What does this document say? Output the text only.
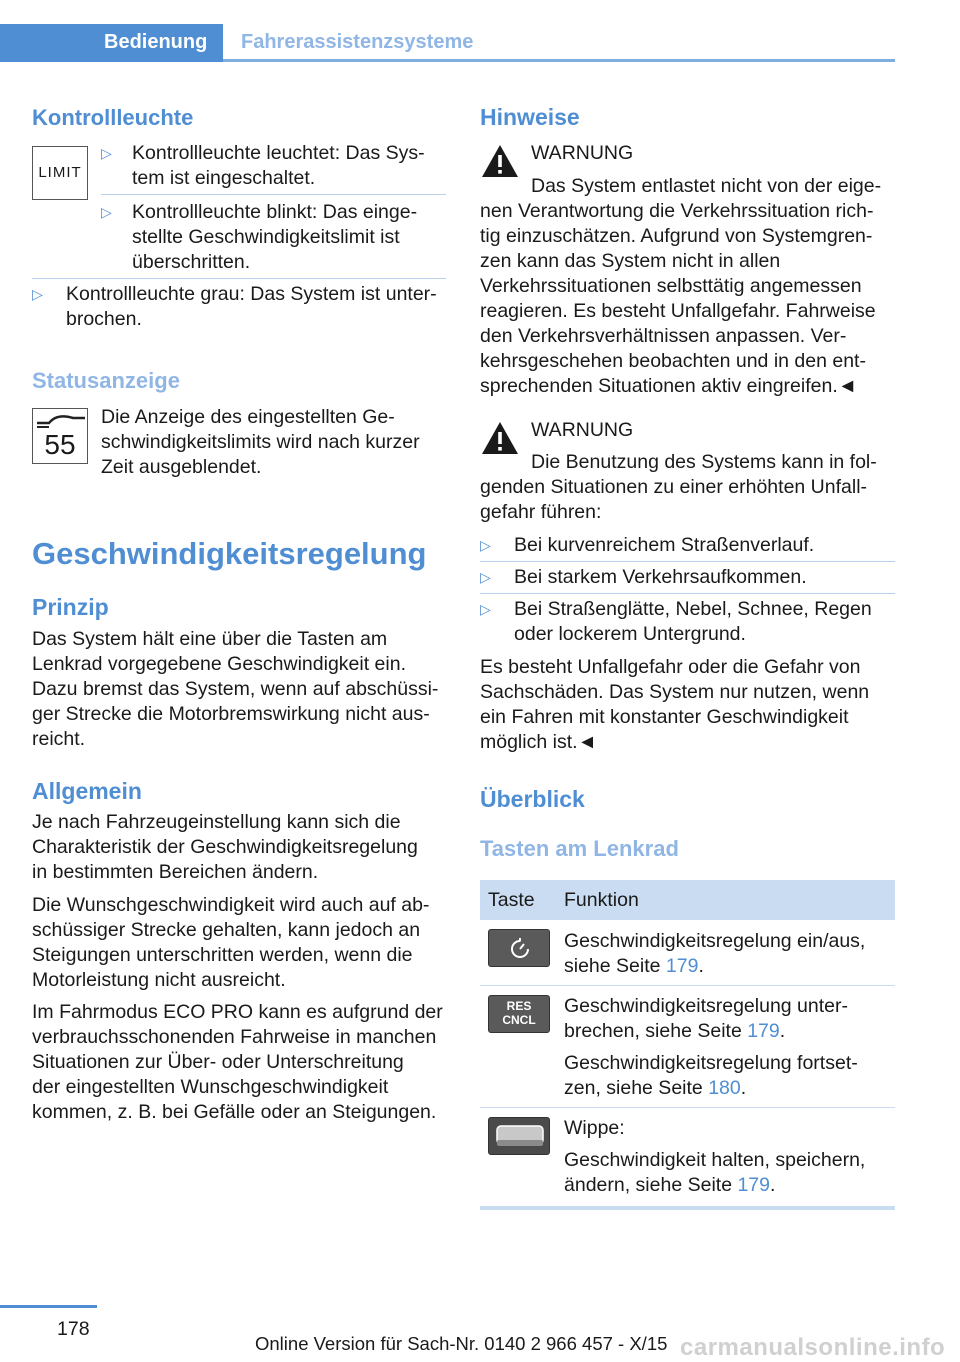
Bedienung	Fahrerassistenzsysteme
Kontrollleuchte
LIMIT
▷ Kontrollleuchte leuchtet: Das Sys-
tem ist eingeschaltet.
▷ Kontrollleuchte blinkt: Das einge-
stellte Geschwindigkeitslimit ist
überschritten.
▷ Kontrollleuchte grau: Das System ist unter-
brochen.
Statusanzeige
55
Die Anzeige des eingestellten Ge-
schwindigkeitslimits wird nach kurzer
Zeit ausgeblendet.
Geschwindigkeitsregelung
Prinzip
Das System hält eine über die Tasten am
Lenkrad vorgegebene Geschwindigkeit ein.
Dazu bremst das System, wenn auf abschüssi-
ger Strecke die Motorbremswirkung nicht aus-
reicht.
Allgemein
Je nach Fahrzeugeinstellung kann sich die
Charakteristik der Geschwindigkeitsregelung
in bestimmten Bereichen ändern.
Die Wunschgeschwindigkeit wird auch auf ab-
schüssiger Strecke gehalten, kann jedoch an
Steigungen unterschritten werden, wenn die
Motorleistung nicht ausreicht.
Im Fahrmodus ECO PRO kann es aufgrund der
verbrauchsschonenden Fahrweise in manchen
Situationen zur Über- oder Unterschreitung
der eingestellten Wunschgeschwindigkeit
kommen, z. B. bei Gefälle oder an Steigungen.
Hinweise
WARNUNG
Das System entlastet nicht von der eige-
nen Verantwortung die Verkehrssituation rich-
tig einzuschätzen. Aufgrund von Systemgren-
zen kann das System nicht in allen
Verkehrssituationen selbsttätig angemessen
reagieren. Es besteht Unfallgefahr. Fahrweise
den Verkehrsverhältnissen anpassen. Ver-
kehrsgeschehen beobachten und in den ent-
sprechenden Situationen aktiv eingreifen.◄
WARNUNG
Die Benutzung des Systems kann in fol-
genden Situationen zu einer erhöhten Unfall-
gefahr führen:
▷ Bei kurvenreichem Straßenverlauf.
▷ Bei starkem Verkehrsaufkommen.
▷ Bei Straßenglätte, Nebel, Schnee, Regen
oder lockerem Untergrund.
Es besteht Unfallgefahr oder die Gefahr von
Sachschäden. Das System nur nutzen, wenn
ein Fahren mit konstanter Geschwindigkeit
möglich ist.◄
Überblick
Tasten am Lenkrad
Taste Funktion
Geschwindigkeitsregelung ein/aus,
siehe Seite 179.
RES
CNCL
Geschwindigkeitsregelung unter-
brechen, siehe Seite 179.
Geschwindigkeitsregelung fortset-
zen, siehe Seite 180.
Wippe:
Geschwindigkeit halten, speichern,
ändern, siehe Seite 179.
178
Online Version für Sach-Nr. 0140 2 966 457 - X/15 carmanualsonline.info
